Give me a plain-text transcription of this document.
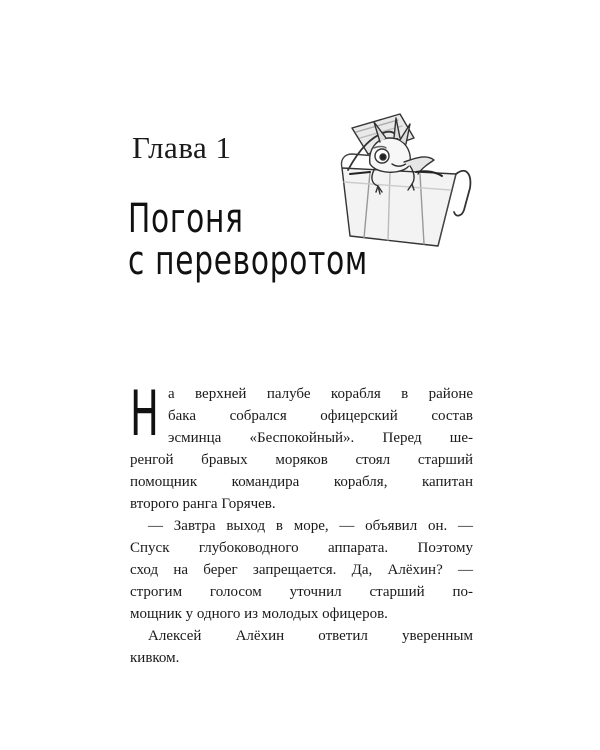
Глава 1
Погоня
с переворотом
Н а верхней палубе корабля в районе
бака собрался офицерский состав
эсминца «Беспокойный». Перед ше-
ренгой бравых моряков стоял старший
помощник командира корабля, капитан
второго ранга Горячев.
— Завтра выход в море, — объявил он. —
Спуск глубоководного аппарата. Поэтому
сход на берег запрещается. Да, Алёхин? —
строгим голосом уточнил старший по-
мощник у одного из молодых офицеров.
Алексей Алёхин ответил уверенным
кивком.
